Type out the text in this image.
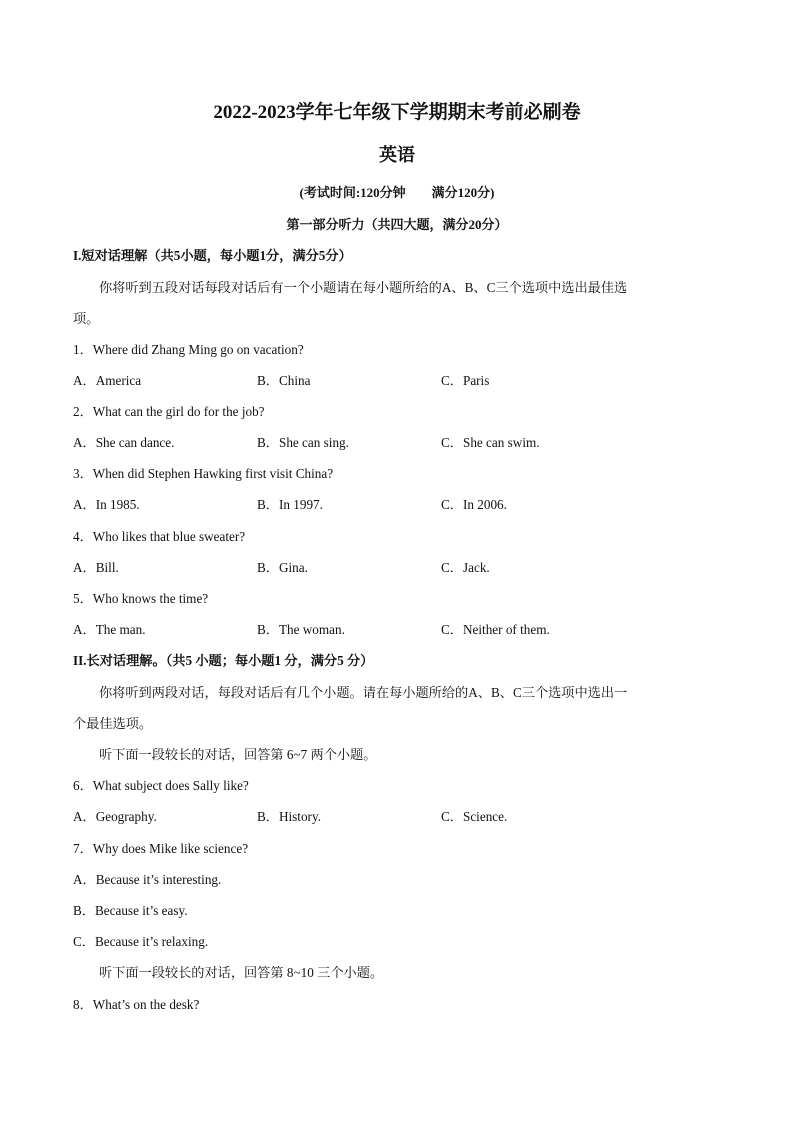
2022-2023学年七年级下学期期末考前必刷卷
英语
(考试时间:120分钟　　满分120分)
第一部分听力（共四大题，满分20分）
I.短对话理解（共5小题，每小题1分，满分5分）
你将听到五段对话每段对话后有一个小题请在每小题所给的A、B、C三个选项中选出最佳选
项。
1．Where did Zhang Ming go on vacation?
A．America	B．China	C．Paris
2．What can the girl do for the job?
A．She can dance.	B．She can sing.	C．She can swim.
3．When did Stephen Hawking first visit China?
A．In 1985.	B．In 1997.	C．In 2006.
4．Who likes that blue sweater?
A．Bill.	B．Gina.	C．Jack.
5．Who knows the time?
A．The man.	B．The woman.	C．Neither of them.
II.长对话理解。（共5 小题；每小题1 分，满分5 分）
你将听到两段对话，每段对话后有几个小题。请在每小题所给的A、B、C三个选项中选出一
个最佳选项。
听下面一段较长的对话，回答第 6~7 两个小题。
6．What subject does Sally like?
A．Geography.	B．History.	C．Science.
7．Why does Mike like science?
A．Because it’s interesting.
B．Because it’s easy.
C．Because it’s relaxing.
听下面一段较长的对话，回答第 8~10 三个小题。
8．What’s on the desk?
